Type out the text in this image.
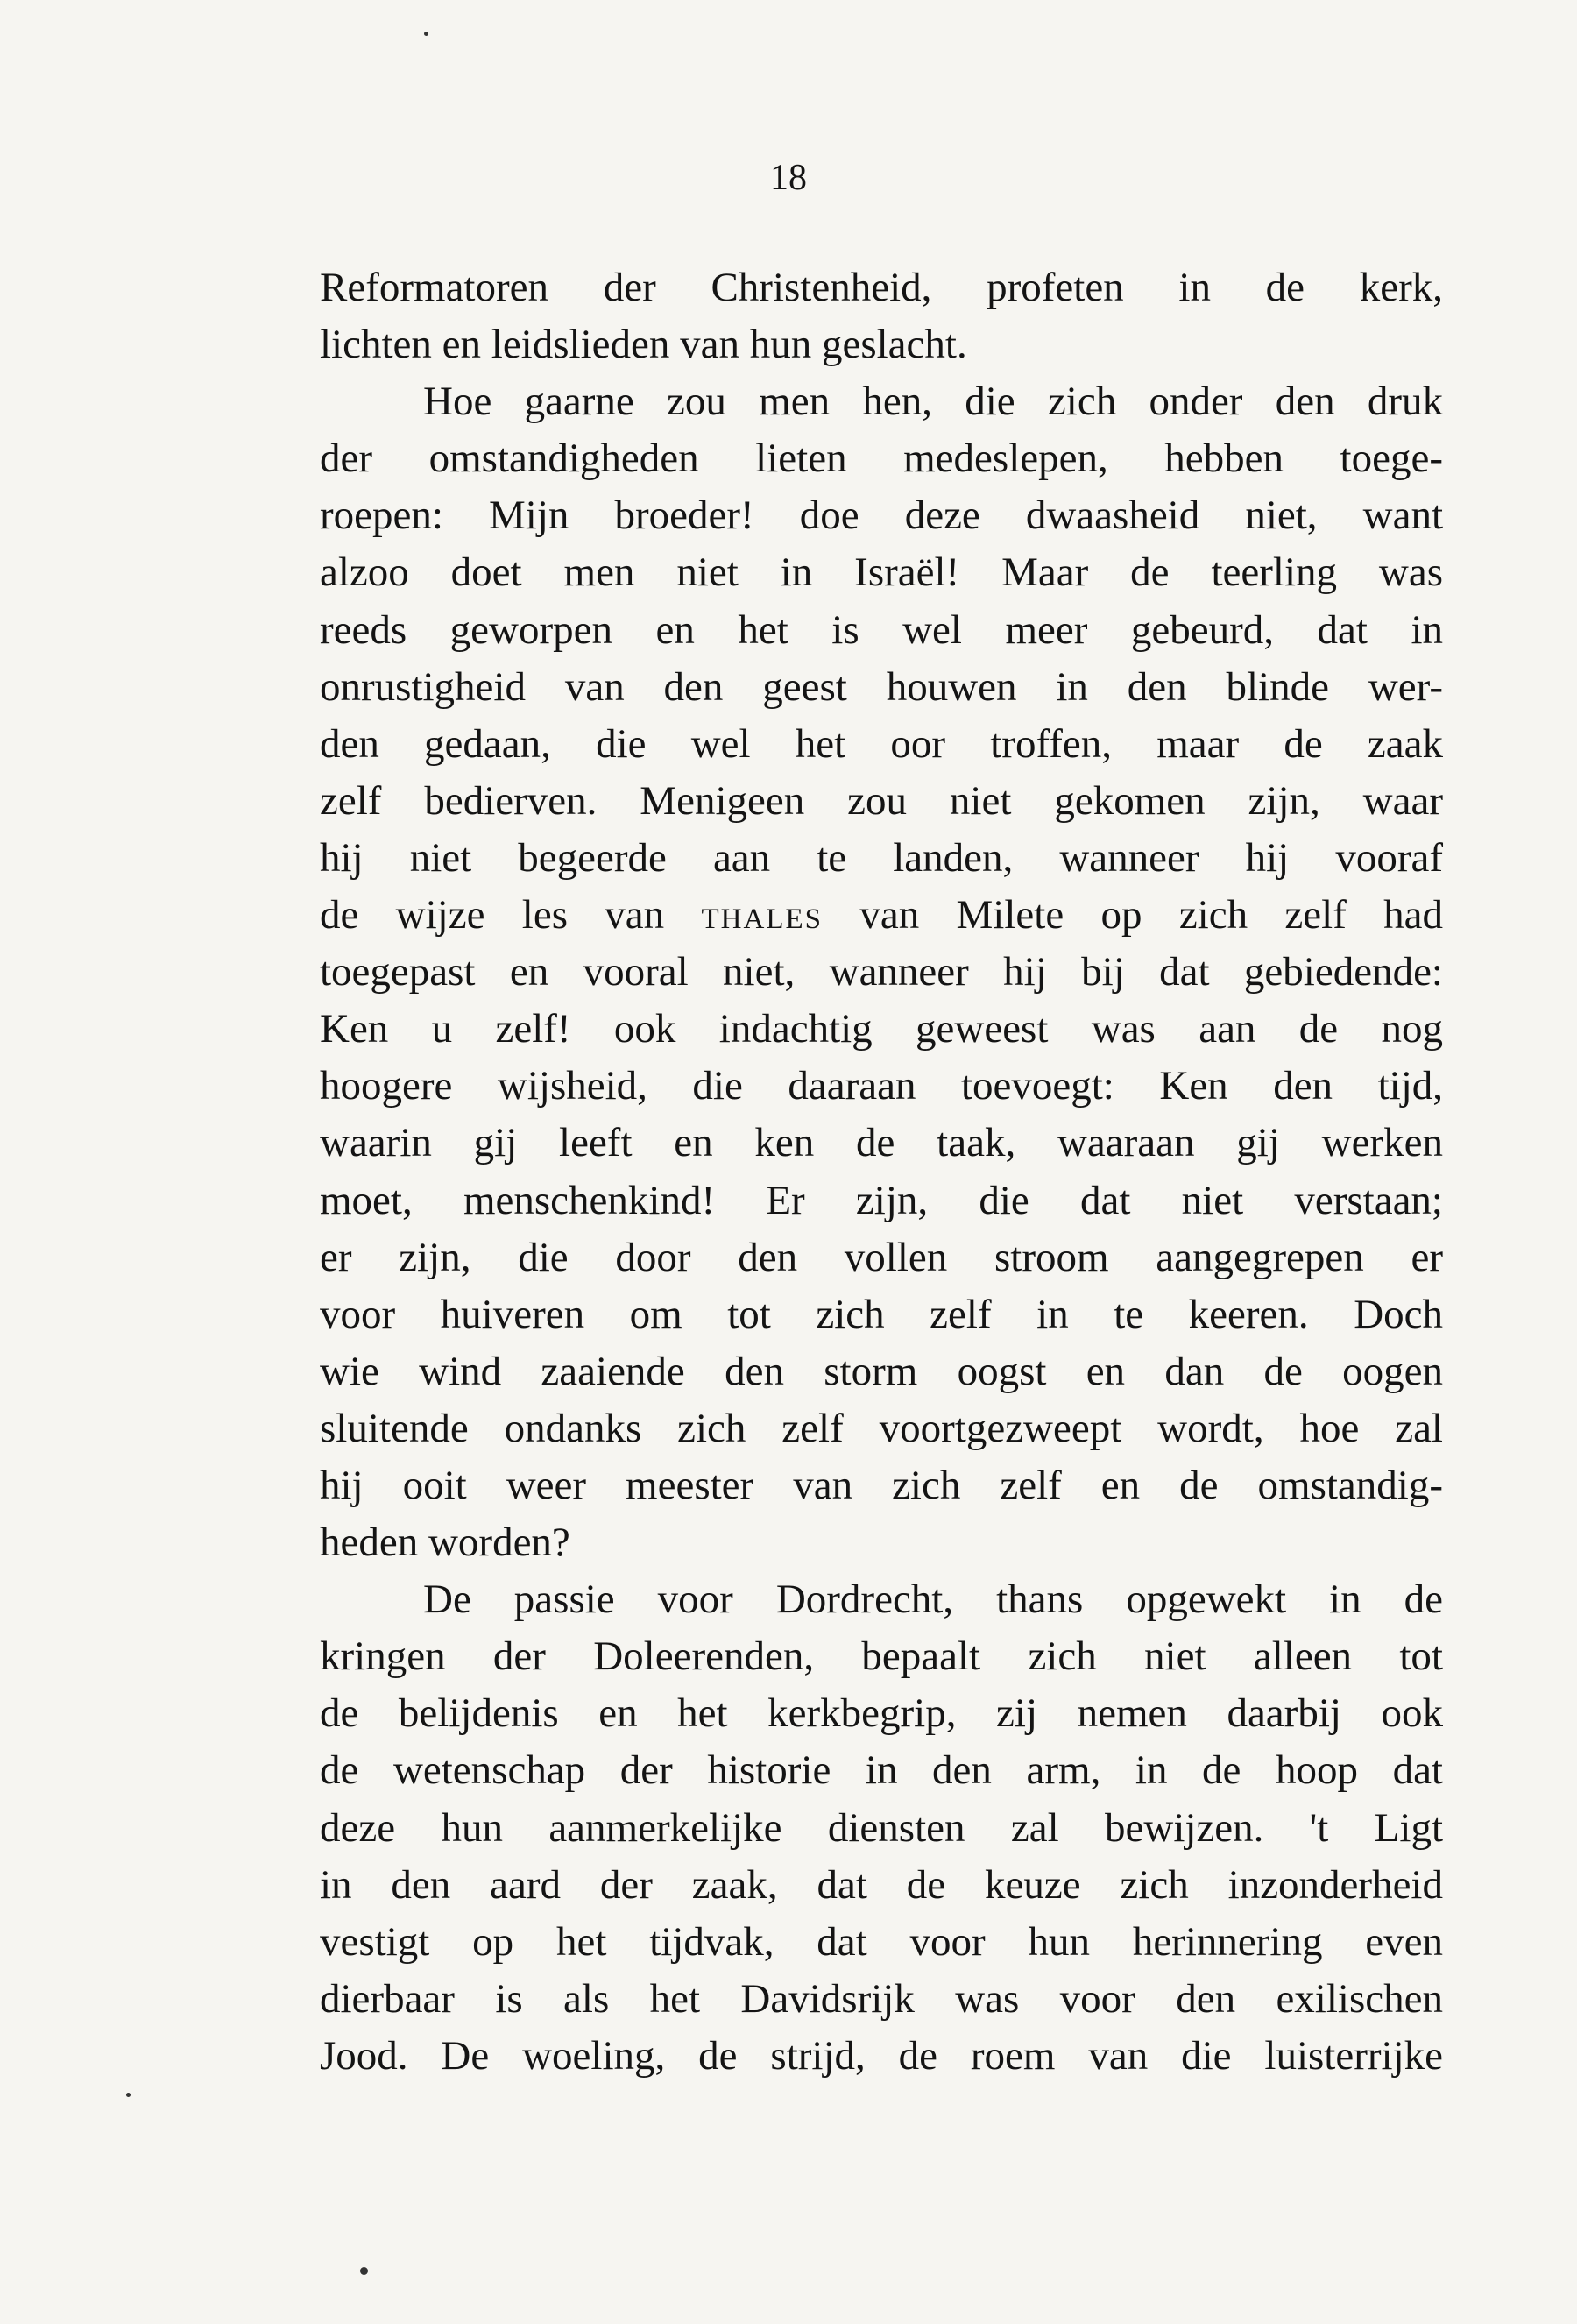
18
Reformatoren der Christenheid, profeten in de kerk,
lichten en leidslieden van hun geslacht.
Hoe gaarne zou men hen, die zich onder den druk
der omstandigheden lieten medeslepen, hebben toege-
roepen: Mijn broeder! doe deze dwaasheid niet, want
alzoo doet men niet in Israël! Maar de teerling was
reeds geworpen en het is wel meer gebeurd, dat in
onrustigheid van den geest houwen in den blinde wer-
den gedaan, die wel het oor troffen, maar de zaak
zelf bedierven. Menigeen zou niet gekomen zijn, waar
hij niet begeerde aan te landen, wanneer hij vooraf
de wijze les van thales van Milete op zich zelf had
toegepast en vooral niet, wanneer hij bij dat gebiedende:
Ken u zelf! ook indachtig geweest was aan de nog
hoogere wijsheid, die daaraan toevoegt: Ken den tijd,
waarin gij leeft en ken de taak, waaraan gij werken
moet, menschenkind! Er zijn, die dat niet verstaan;
er zijn, die door den vollen stroom aangegrepen er
voor huiveren om tot zich zelf in te keeren. Doch
wie wind zaaiende den storm oogst en dan de oogen
sluitende ondanks zich zelf voortgezweept wordt, hoe zal
hij ooit weer meester van zich zelf en de omstandig-
heden worden?
De passie voor Dordrecht, thans opgewekt in de
kringen der Doleerenden, bepaalt zich niet alleen tot
de belijdenis en het kerkbegrip, zij nemen daarbij ook
de wetenschap der historie in den arm, in de hoop dat
deze hun aanmerkelijke diensten zal bewijzen. 't Ligt
in den aard der zaak, dat de keuze zich inzonderheid
vestigt op het tijdvak, dat voor hun herinnering even
dierbaar is als het Davidsrijk was voor den exilischen
Jood. De woeling, de strijd, de roem van die luisterrijke
